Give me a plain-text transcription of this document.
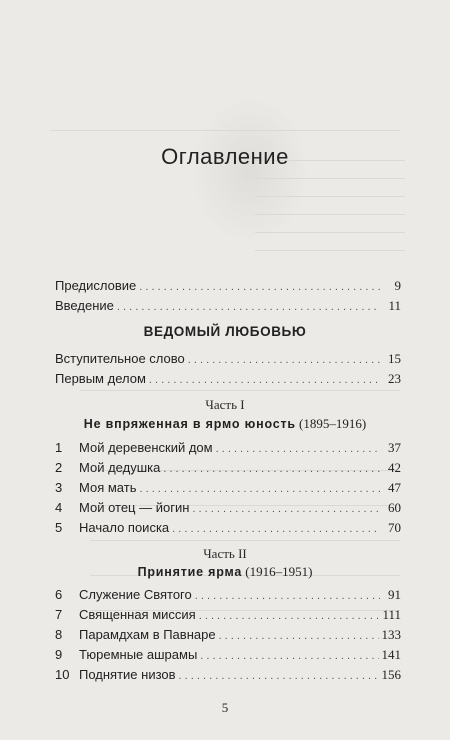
Оглавление
Предисловие . . .	9
Введение . . .	11
ВЕДОМЫЙ ЛЮБОВЬЮ
Вступительное слово . . .	15
Первым делом . . .	23
Часть I
Не впряженная в ярмо юность (1895–1916)
1	Мой деревенский дом . . .	37
2	Мой дедушка . . .	42
3	Моя мать . . .	47
4	Мой отец — йогин . . .	60
5	Начало поиска . . .	70
Часть II
Принятие ярма (1916–1951)
6	Служение Святого . . .	91
7	Священная миссия . . .	111
8	Парамдхам в Павнаре . . .	133
9	Тюремные ашрамы . . .	141
10 Поднятие низов . . .	156
5
